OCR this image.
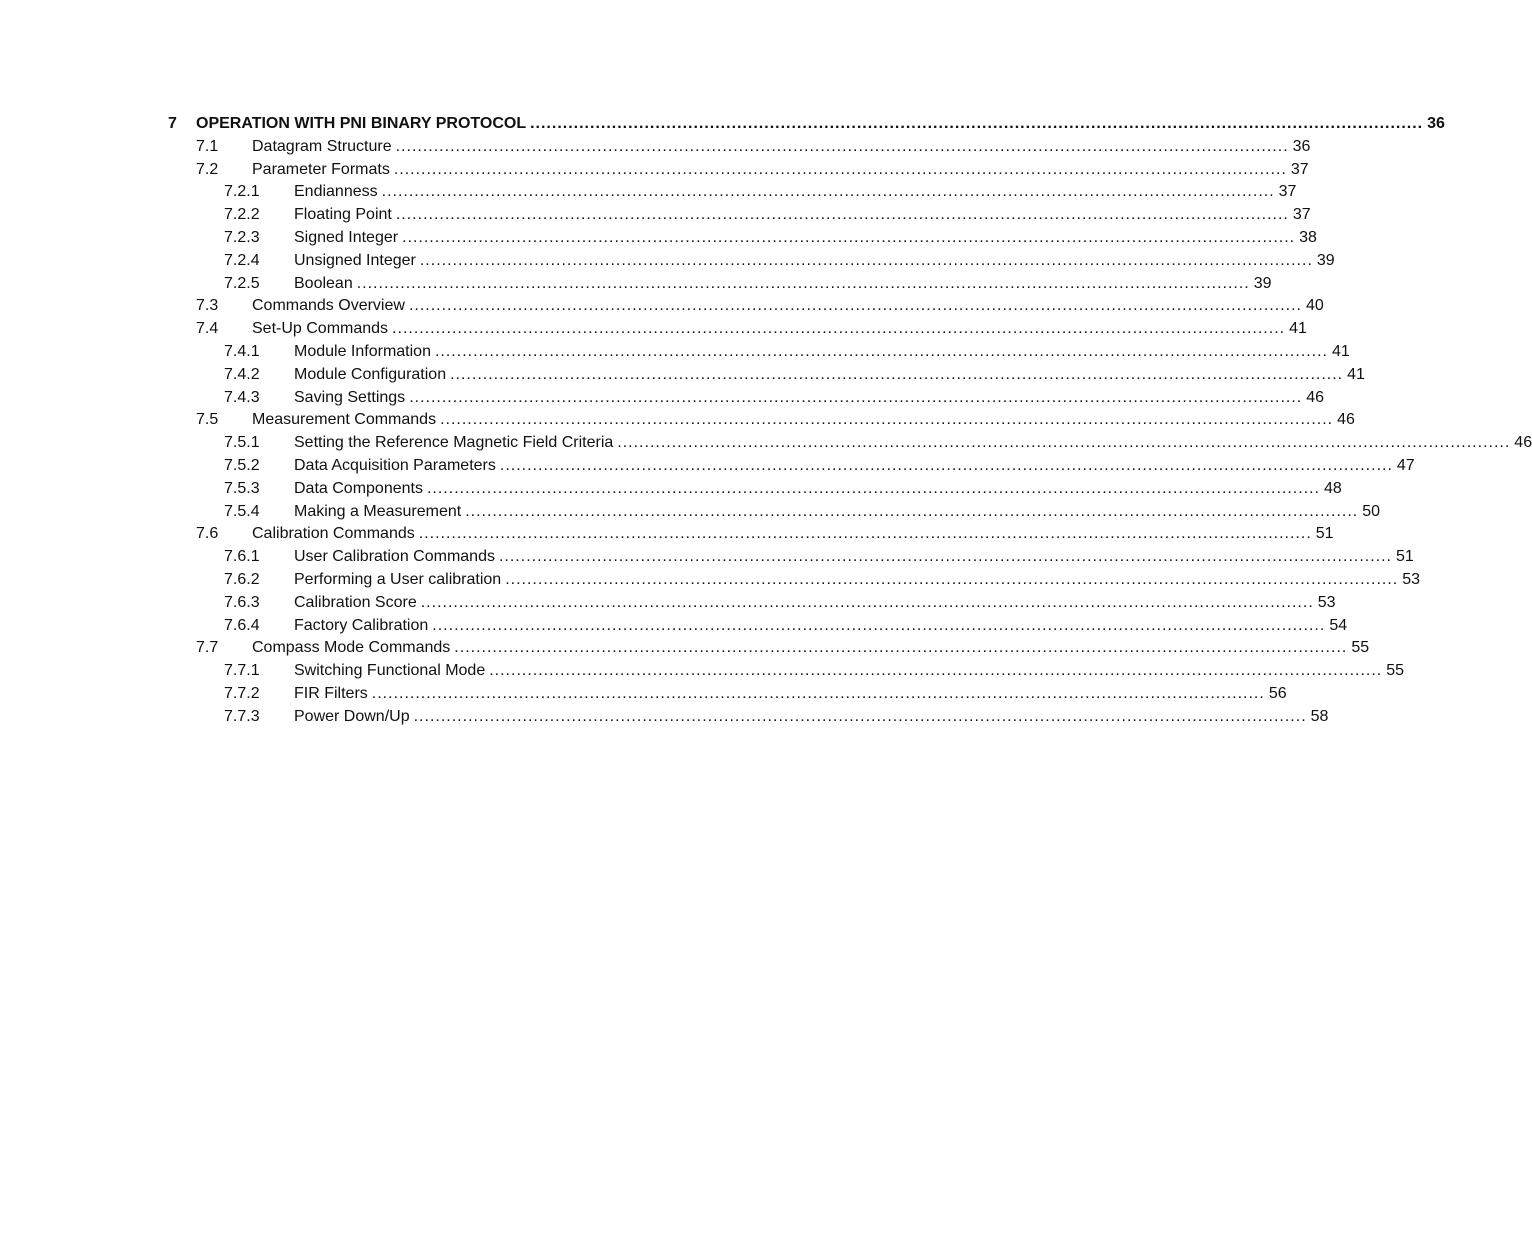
7 OPERATION WITH PNI BINARY PROTOCOL .................................................................................................................................................................... 36
7.1 Datagram Structure .................................................................................................................................................................... 36
7.2 Parameter Formats .................................................................................................................................................................... 37
7.2.1 Endianness .................................................................................................................................................................... 37
7.2.2 Floating Point .................................................................................................................................................................... 37
7.2.3 Signed Integer .................................................................................................................................................................... 38
7.2.4 Unsigned Integer .................................................................................................................................................................... 39
7.2.5 Boolean .................................................................................................................................................................... 39
7.3 Commands Overview .................................................................................................................................................................... 40
7.4 Set-Up Commands .................................................................................................................................................................... 41
7.4.1 Module Information .................................................................................................................................................................... 41
7.4.2 Module Configuration .................................................................................................................................................................... 41
7.4.3 Saving Settings .................................................................................................................................................................... 46
7.5 Measurement Commands .................................................................................................................................................................... 46
7.5.1 Setting the Reference Magnetic Field Criteria .................................................................................................................................................................... 46
7.5.2 Data Acquisition Parameters .................................................................................................................................................................... 47
7.5.3 Data Components .................................................................................................................................................................... 48
7.5.4 Making a Measurement .................................................................................................................................................................... 50
7.6 Calibration Commands .................................................................................................................................................................... 51
7.6.1 User Calibration Commands .................................................................................................................................................................... 51
7.6.2 Performing a User calibration .................................................................................................................................................................... 53
7.6.3 Calibration Score .................................................................................................................................................................... 53
7.6.4 Factory Calibration .................................................................................................................................................................... 54
7.7 Compass Mode Commands .................................................................................................................................................................... 55
7.7.1 Switching Functional Mode .................................................................................................................................................................... 55
7.7.2 FIR Filters .................................................................................................................................................................... 56
7.7.3 Power Down/Up .................................................................................................................................................................... 58
